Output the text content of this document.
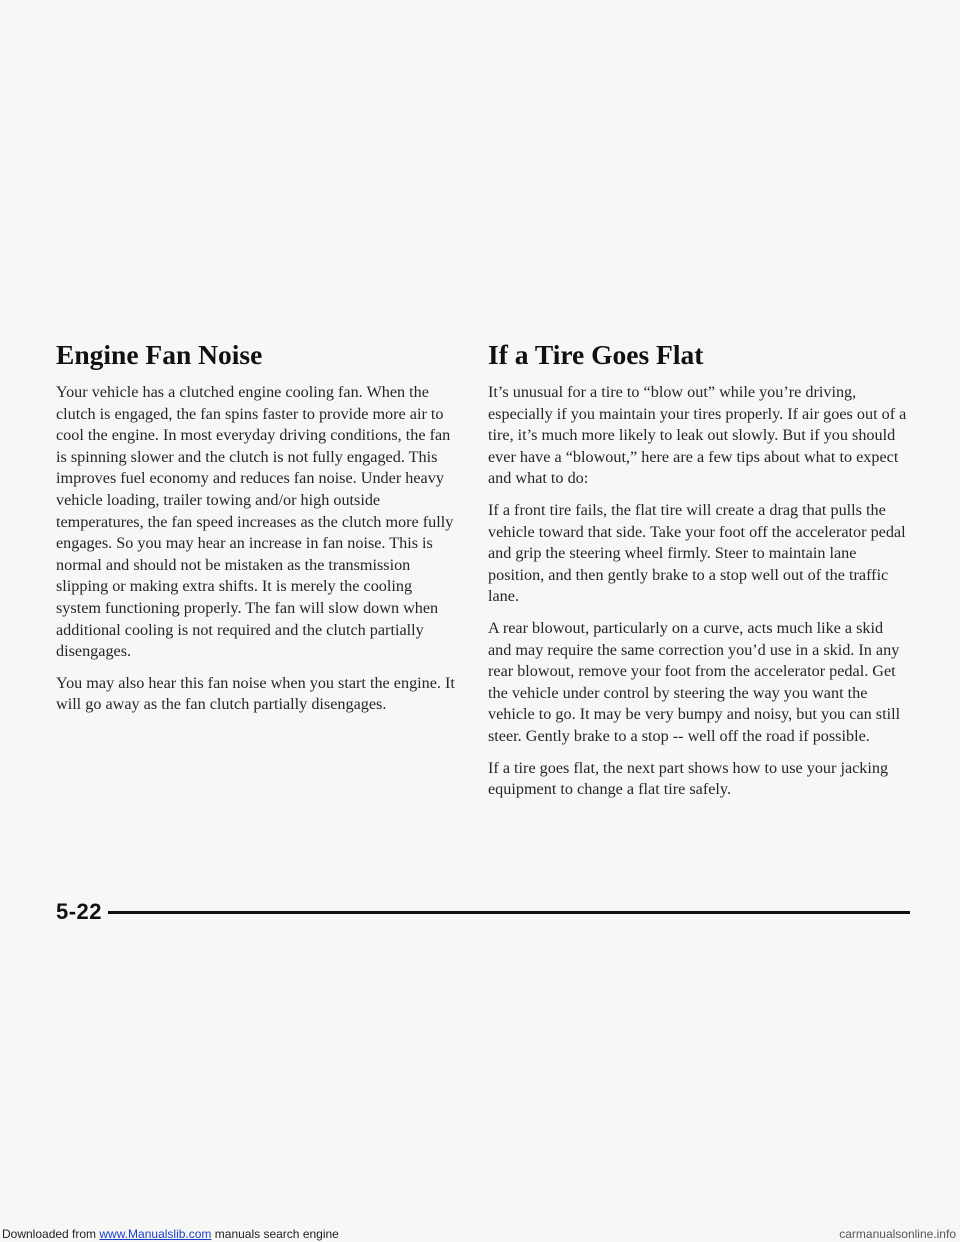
Engine Fan Noise

Your vehicle has a clutched engine cooling fan. When the clutch is engaged, the fan spins faster to provide more air to cool the engine. In most everyday driving conditions, the fan is spinning slower and the clutch is not fully engaged. This improves fuel economy and reduces fan noise. Under heavy vehicle loading, trailer towing and/or high outside temperatures, the fan speed increases as the clutch more fully engages. So you may hear an increase in fan noise. This is normal and should not be mistaken as the transmission slipping or making extra shifts. It is merely the cooling system functioning properly. The fan will slow down when additional cooling is not required and the clutch partially disengages.

You may also hear this fan noise when you start the engine. It will go away as the fan clutch partially disengages.

If a Tire Goes Flat

It’s unusual for a tire to “blow out” while you’re driving, especially if you maintain your tires properly. If air goes out of a tire, it’s much more likely to leak out slowly. But if you should ever have a “blowout,” here are a few tips about what to expect and what to do:

If a front tire fails, the flat tire will create a drag that pulls the vehicle toward that side. Take your foot off the accelerator pedal and grip the steering wheel firmly. Steer to maintain lane position, and then gently brake to a stop well out of the traffic lane.

A rear blowout, particularly on a curve, acts much like a skid and may require the same correction you’d use in a skid. In any rear blowout, remove your foot from the accelerator pedal. Get the vehicle under control by steering the way you want the vehicle to go. It may be very bumpy and noisy, but you can still steer. Gently brake to a stop -- well off the road if possible.

If a tire goes flat, the next part shows how to use your jacking equipment to change a flat tire safely.

5-22
Downloaded from www.Manualslib.com manuals search engine	carmanualsonline.info
